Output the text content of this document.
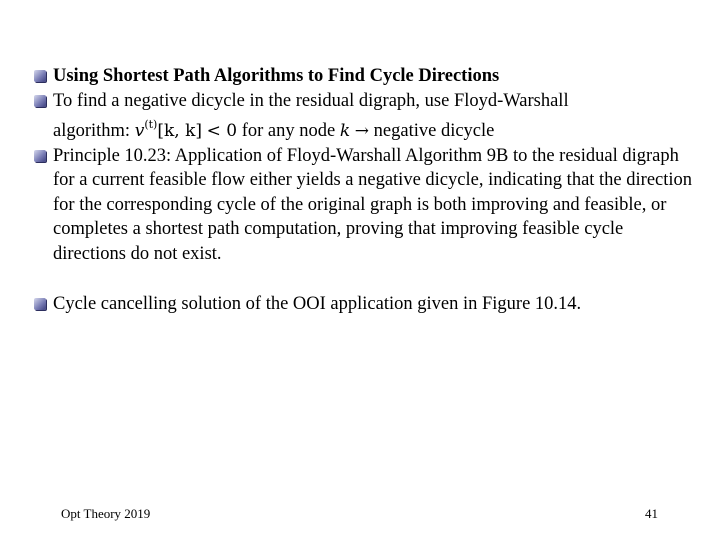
Using Shortest Path Algorithms to Find Cycle Directions
To find a negative dicycle in the residual digraph, use Floyd-Warshall
algorithm: $v^{(t)}[k$, k] < 0 for any node k → negative dicycle
Principle 10.23: Application of Floyd-Warshall Algorithm 9B to the residual digraph for a current feasible flow either yields a negative dicycle, indicating that the direction for the corresponding cycle of the original graph is both improving and feasible, or completes a shortest path computation, proving that improving feasible cycle directions do not exist.
Cycle cancelling solution of the OOI application given in Figure 10.14.
Opt Theory 2019	41
